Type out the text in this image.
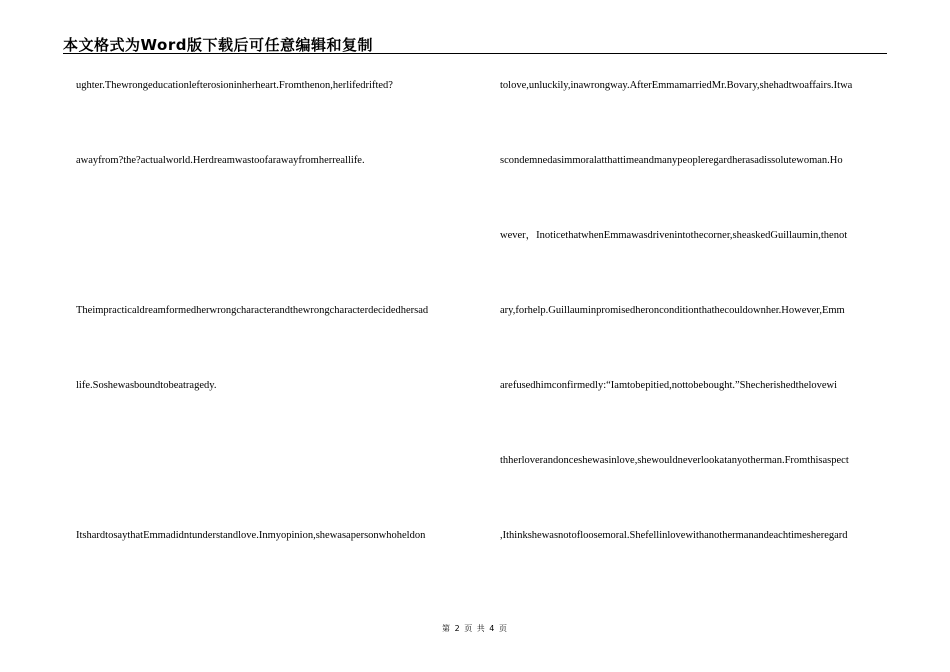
本文格式为Word版下载后可任意编辑和复制
ughter.Thewrongeducationlefterosioninherheart.Fromthenon,herlifedrifted?
awayfrom?the?actualworld.Herdreamwastoofarawayfromherreallife.
Theimpracticaldreamformedherwrongcharacterandthewrongcharacterdecidedhersad
life.Soshewasboundtobeatragedy.
ItshardtosaythatEmmadidntunderstandlove.Inmyopinion,shewasapersonwhoheldon
tolove,unluckily,inawrongway.AfterEmmamarriedMr.Bovary,shehadtwoaffairs.Itwa
scondemnedasimmoralatthattimeandmanypeopleregardherasadissolutewoman.Ho
wever，InoticethatwhenEmmawasdrivenintothecorner,sheaskedGuillaumin,thenot
ary,forhelp.Guillauminpromisedheronconditionthathecouldownher.However,Emm
arefusedhimconfirmedly:“Iamtobepitied,nottobebought.”Shecherishedthelovewi
thherloverandonceshewasinlove,shewouldneverlookatanyotherman.Fromthisaspect
,Ithinkshewasnotofloosemoral.Shefellinlovewithanothermanandeachtimesheregard
第 2 页 共 4 页
